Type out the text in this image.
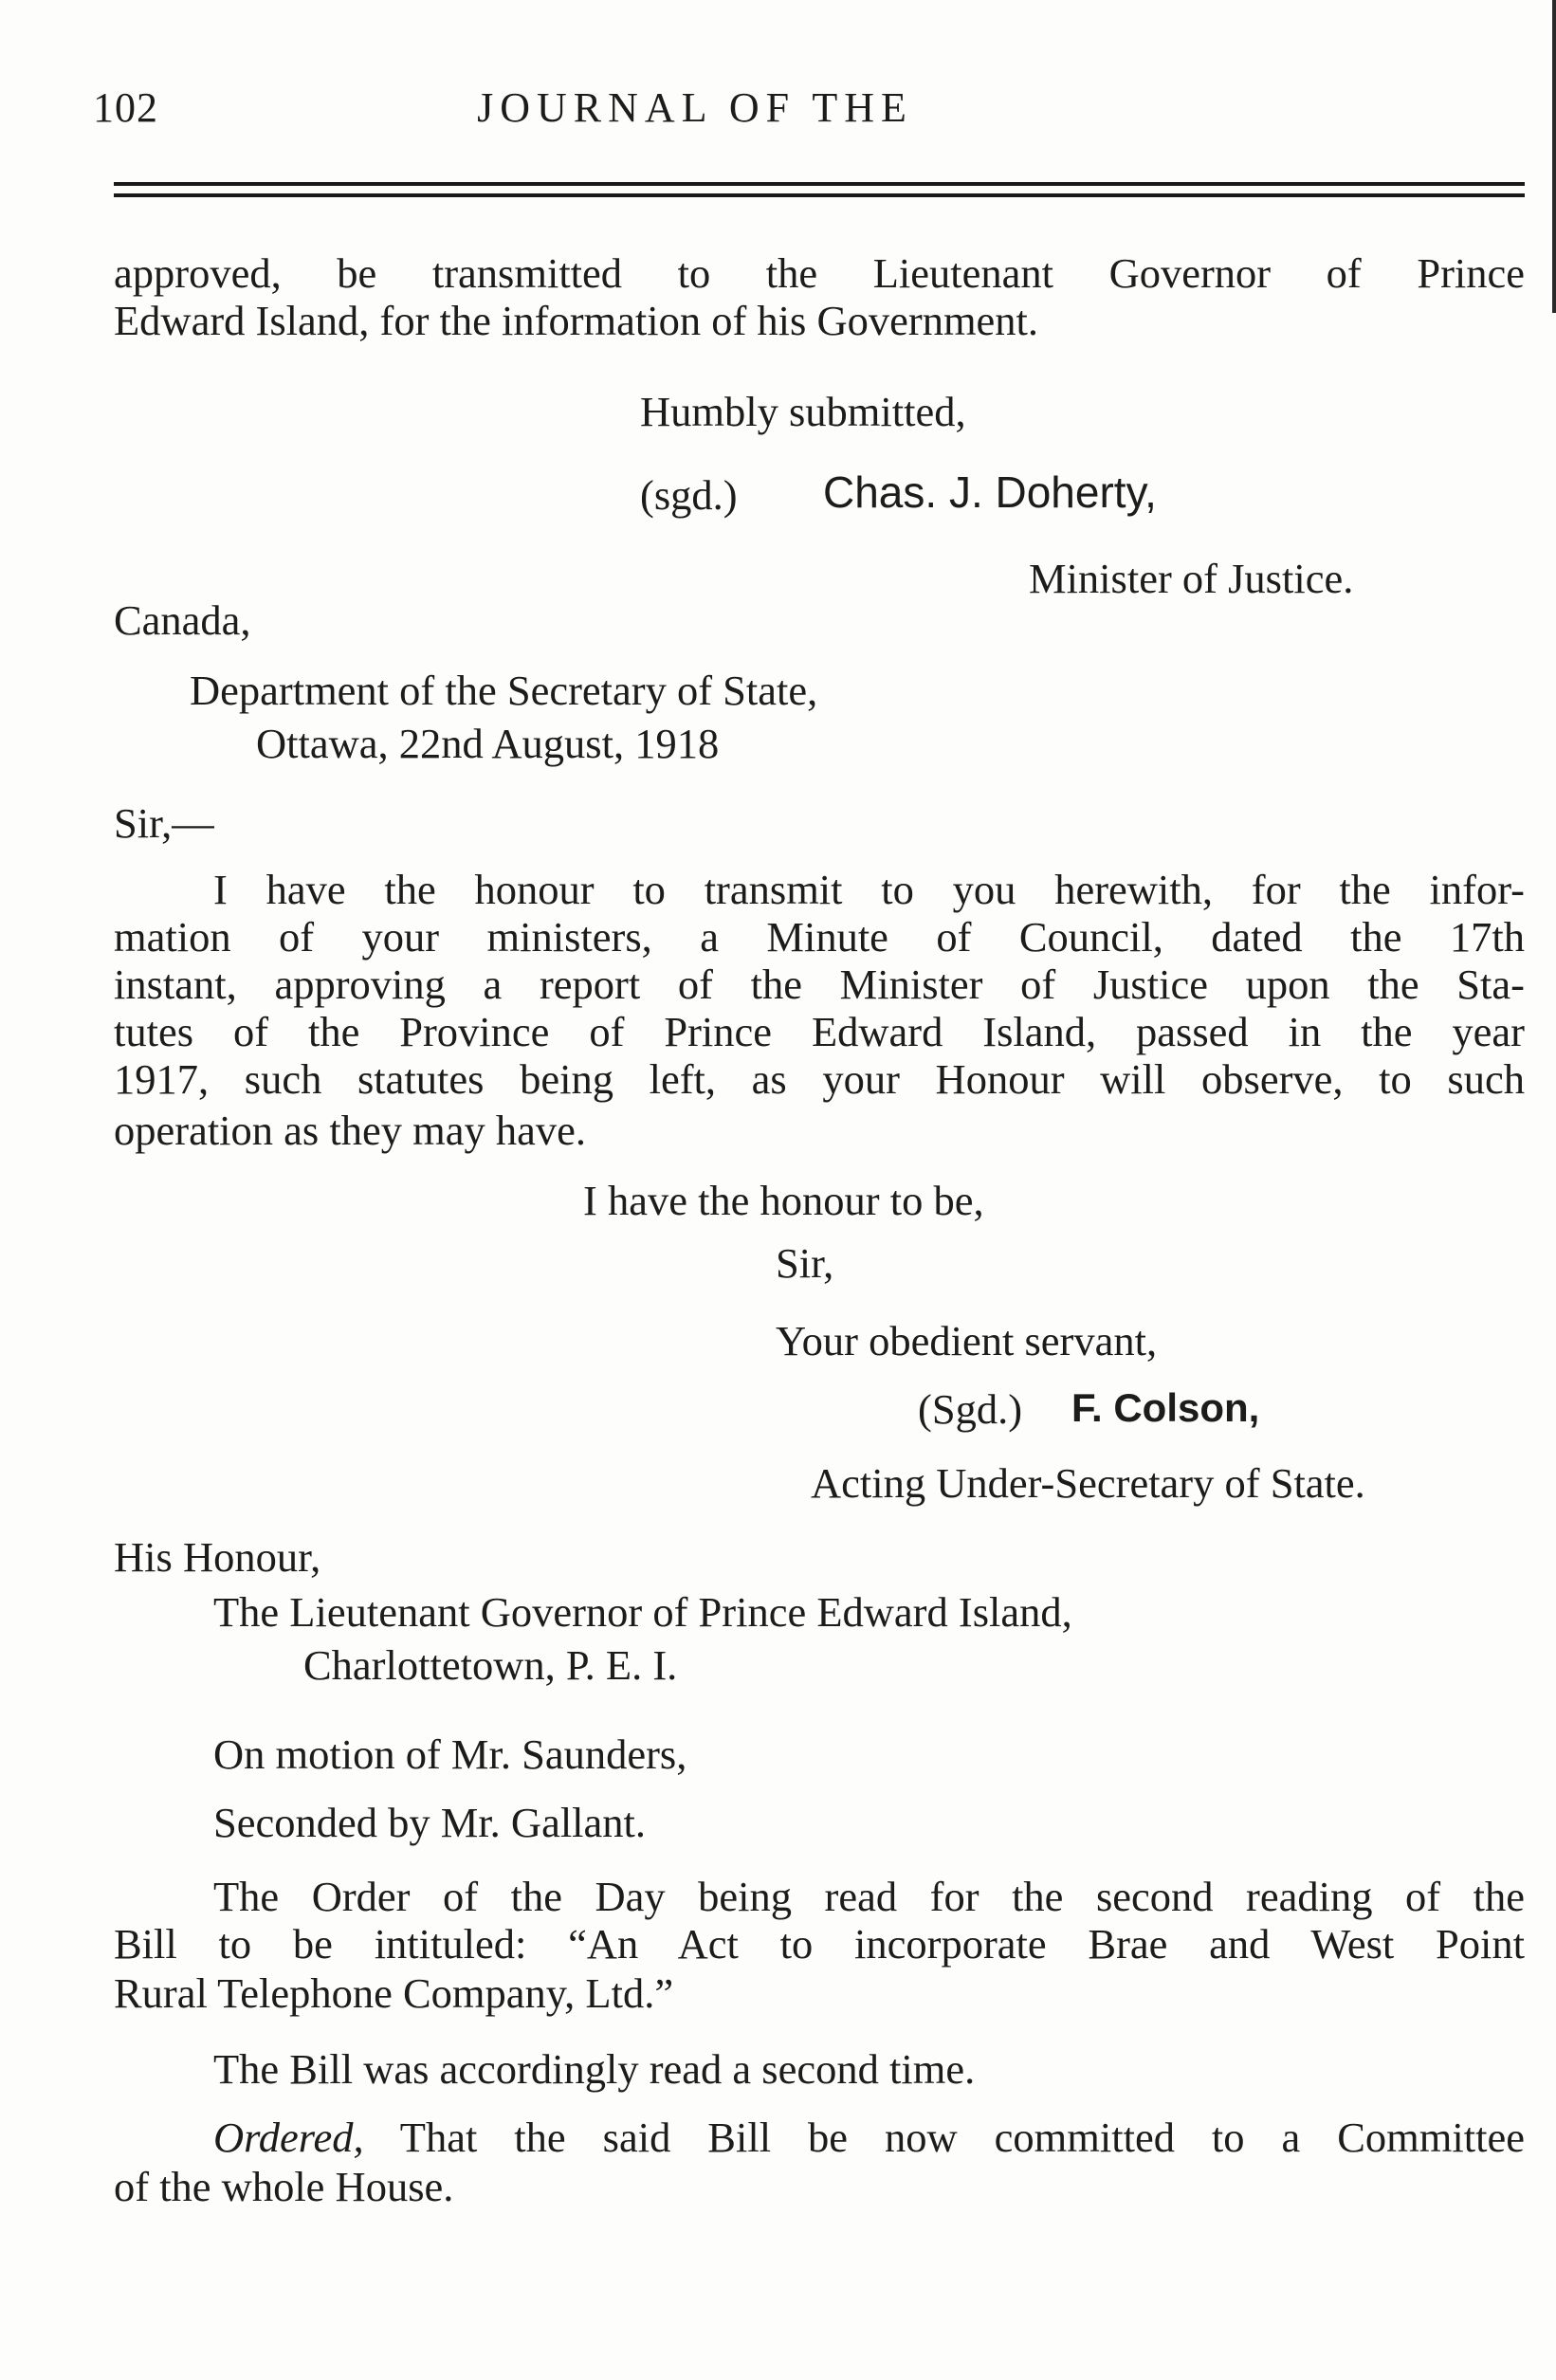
102	JOURNAL OF THE
approved, be transmitted to the Lieutenant Governor of Prince
Edward Island, for the information of his Government.
Humbly submitted,
(sgd.) Chas. J. Doherty,
Minister of Justice.
Canada,
Department of the Secretary of State,
Ottawa, 22nd August, 1918
Sir,—
I have the honour to transmit to you herewith, for the infor-
mation of your ministers, a Minute of Council, dated the 17th
instant, approving a report of the Minister of Justice upon the Sta-
tutes of the Province of Prince Edward Island, passed in the year
1917, such statutes being left, as your Honour will observe, to such
operation as they may have.
I have the honour to be,
Sir,
Your obedient servant,
(Sgd.) F. Colson,
Acting Under-Secretary of State.
His Honour,
The Lieutenant Governor of Prince Edward Island,
Charlottetown, P. E. I.
On motion of Mr. Saunders,
Seconded by Mr. Gallant.
The Order of the Day being read for the second reading of the
Bill to be intituled: “An Act to incorporate Brae and West Point
Rural Telephone Company, Ltd.”
The Bill was accordingly read a second time.
Ordered, That the said Bill be now committed to a Committee
of the whole House.
